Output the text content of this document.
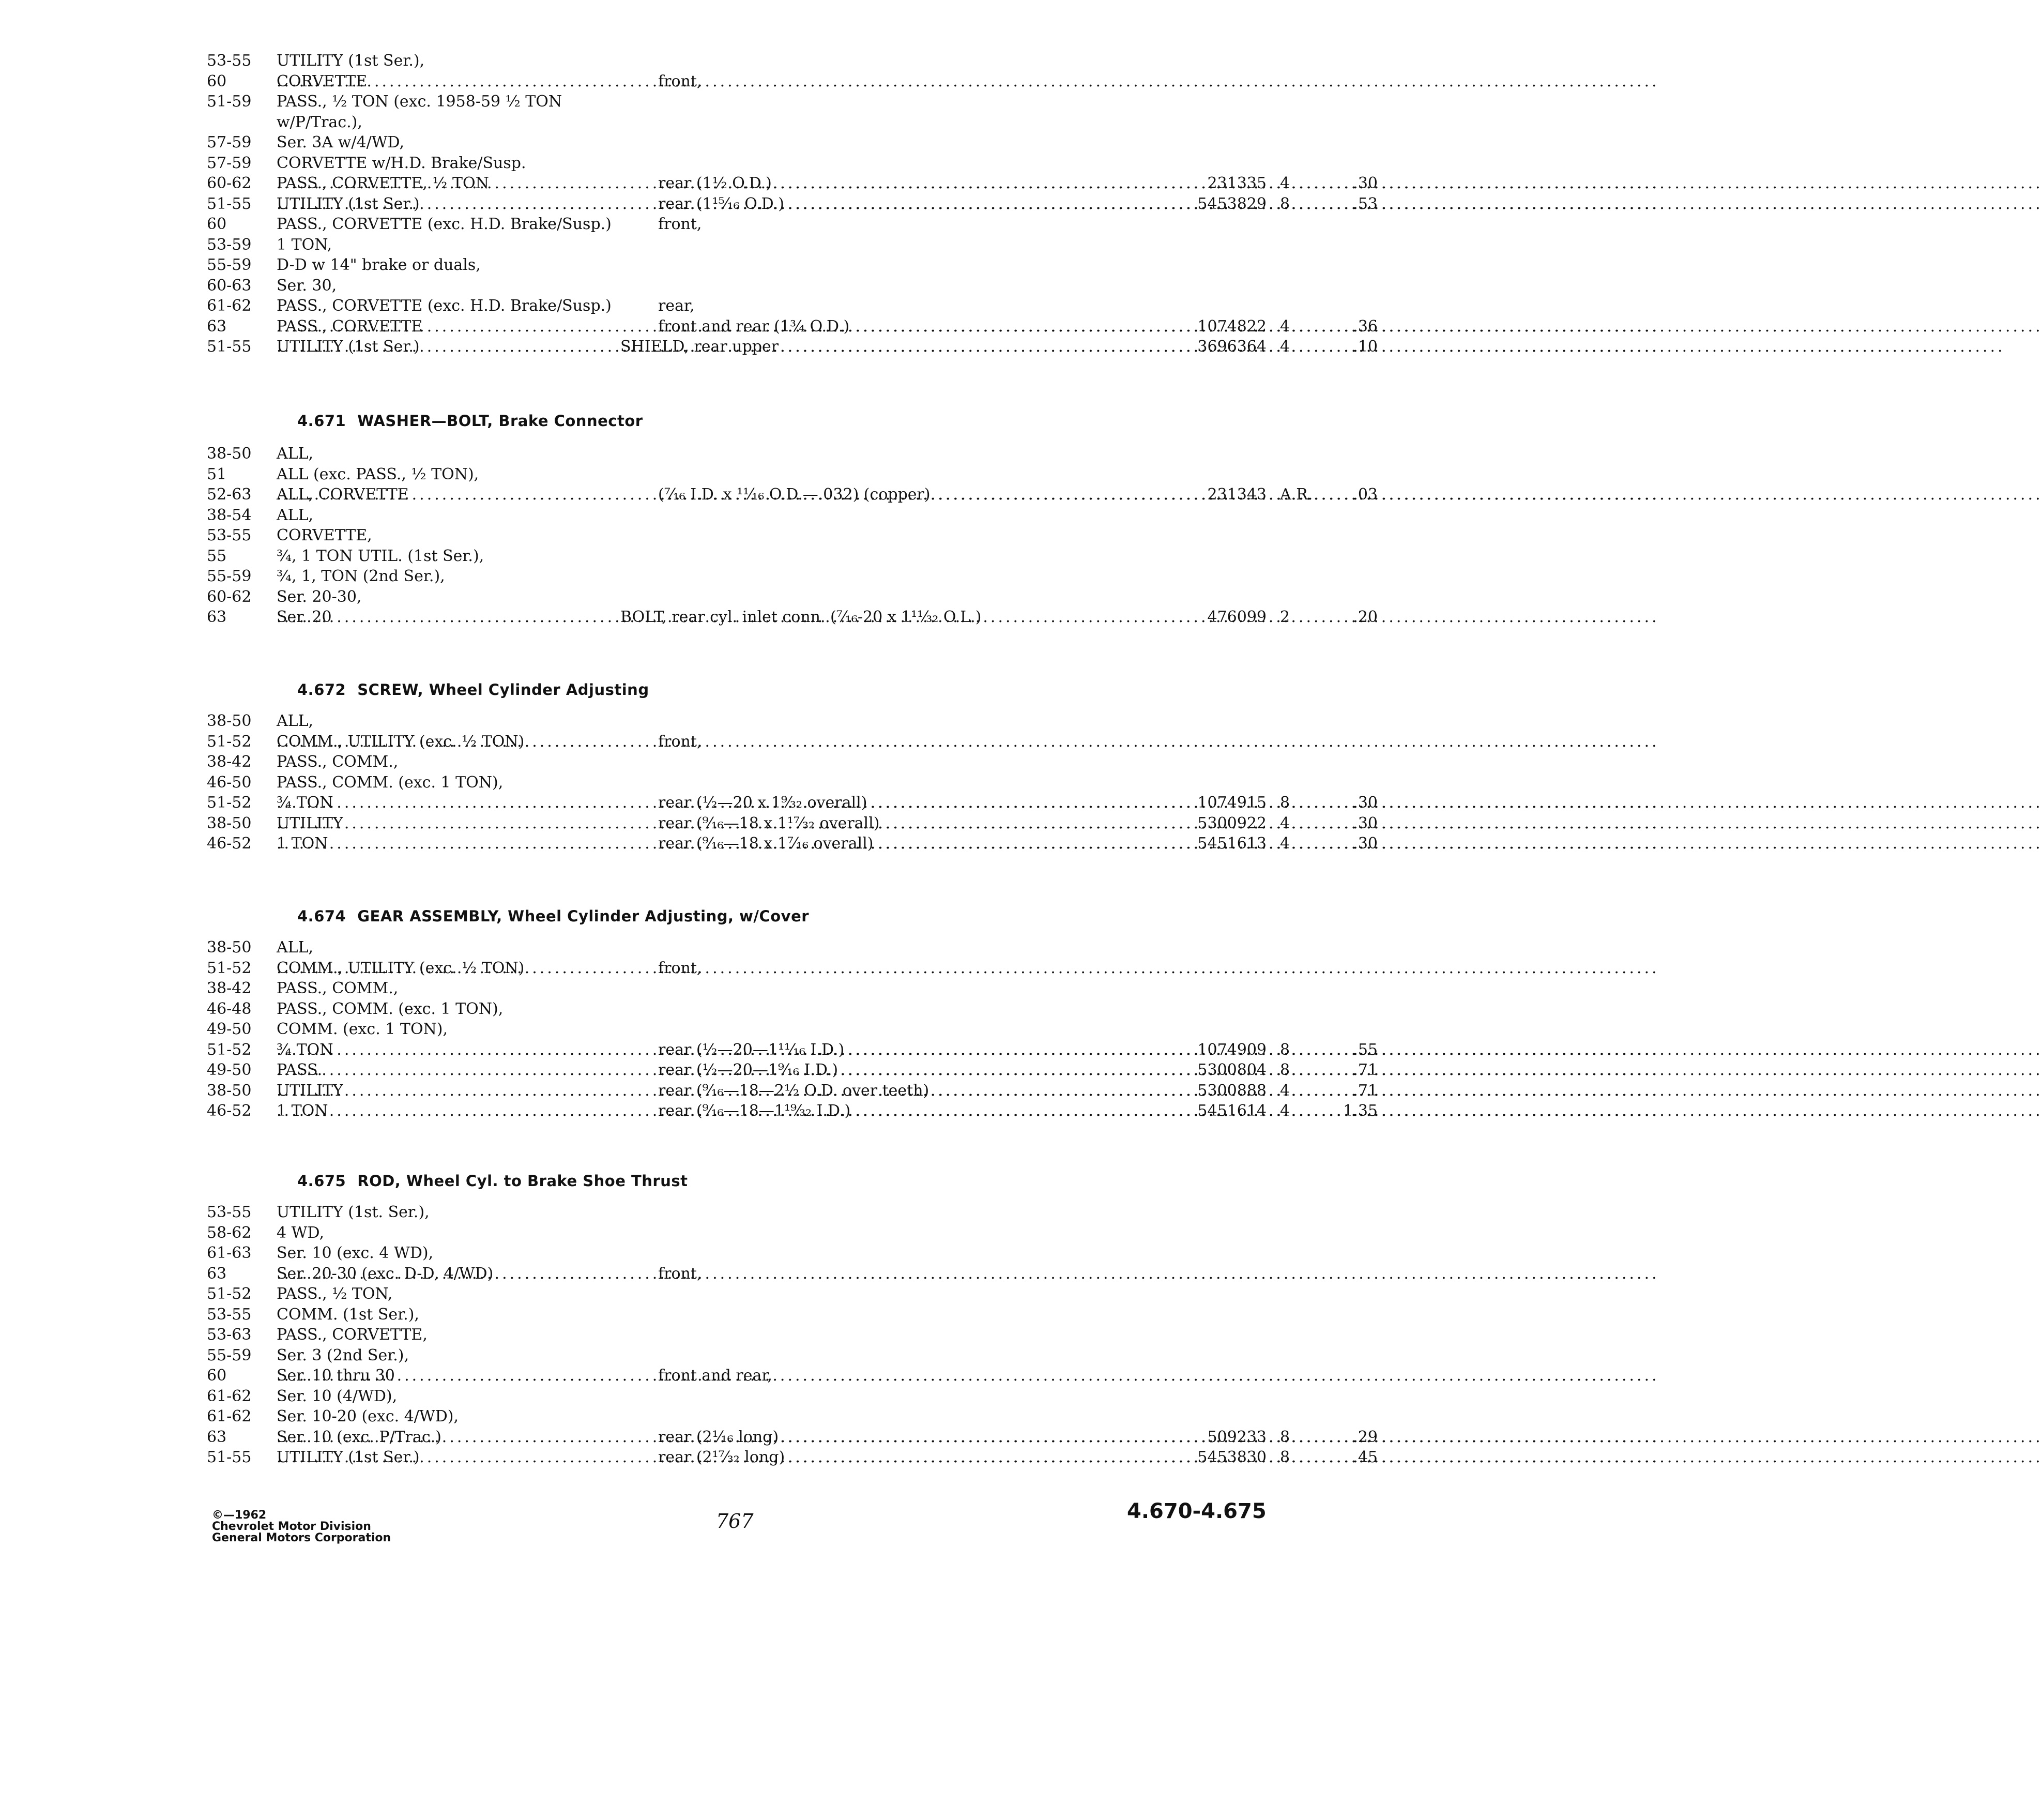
53-55 UTILITY (1st Ser.),
60	CORVETTE .....	front,
51-59 PASS., ½ TON (exc. 1958-59 ½ TON
w/P/Trac.),
57-59 Ser. 3A w/4/WD,
57-59 CORVETTE w/H.D. Brake/Susp.
60-62 PASS., CORVETTE, ½ TON .....	rear (1½ O.D.) .....	231335 4	.30
51-55 UTILITY (1st Ser.) .....	rear (1¹⁵⁄₁₆ O.D.) .....	5453829 8	.53
60	PASS., CORVETTE (exc. H.D. Brake/Susp.)	front,
53-59 1 TON,
55-59 D-D w 14" brake or duals,
60-63 Ser. 30,
61-62 PASS., CORVETTE (exc. H.D. Brake/Susp.)	rear,
63	PASS., CORVETTE .....	front and rear (1¾ O.D.) .....	1074822 4	.36
51-55 UTILITY (1st Ser.) .....	SHIELD, rear upper .....	3696364 4	.10
4.671 WASHER—BOLT, Brake Connector
38-50 ALL,
51	ALL (exc. PASS., ½ TON),
52-63 ALL, CORVETTE .....	(⁷⁄₁₆ I.D. x ¹¹⁄₁₆ O.D.—.032) (copper) .....	231343 A.R.	.03
38-54 ALL,
53-55 CORVETTE,
55	¾, 1 TON UTIL. (1st Ser.),
55-59 ¾, 1, TON (2nd Ser.),
60-62 Ser. 20-30,
63	Ser. 20 .....	BOLT, rear cyl. inlet conn. (⁷⁄₁₆-20 x 1¹¹⁄₃₂ O.L.)	476099 2	.20
4.672 SCREW, Wheel Cylinder Adjusting
38-50 ALL,
51-52 COMM., UTILITY (exc. ½ TON) .....	front,
38-42 PASS., COMM.,
46-50 PASS., COMM. (exc. 1 TON),
51-52 ¾ TON .....	rear (½—20 x 1⁹⁄₃₂ overall) .....	1074915 8	.30
38-50 UTILITY .....	rear (⁹⁄₁₆—18 x 1¹⁷⁄₃₂ overall) .....	5300922 4	.30
46-52 1 TON .....	rear (⁹⁄₁₆—18 x 1⁷⁄₁₆ overall) .....	5451613 4	.30
4.674 GEAR ASSEMBLY, Wheel Cylinder Adjusting, w/Cover
38-50 ALL,
51-52 COMM., UTILITY (exc. ½ TON) .....	front,
38-42 PASS., COMM.,
46-48 PASS., COMM. (exc. 1 TON),
49-50 COMM. (exc. 1 TON),
51-52 ¾ TON .....	rear (½—20—1¹¹⁄₁₆ I.D.) .....	1074909 8	.55
49-50 PASS. .....	rear (½—20—1⁹⁄₁₆ I.D.) .....	5300804 8	.71
38-50 UTILITY .....	rear (⁹⁄₁₆—18—2½ O.D. over teeth) .....	5300888 4	.71
46-52 1 TON .....	rear (⁹⁄₁₆—18—1¹⁹⁄₃₂ I.D.) .....	5451614 4	1.35
4.675 ROD, Wheel Cyl. to Brake Shoe Thrust
53-55 UTILITY (1st. Ser.),
58-62 4 WD,
61-63 Ser. 10 (exc. 4 WD),
63	Ser. 20-30 (exc. D-D, 4/WD) .....	front,
51-52 PASS., ½ TON,
53-55 COMM. (1st Ser.),
53-63 PASS., CORVETTE,
55-59 Ser. 3 (2nd Ser.),
60	Ser. 10 thru 30 .....	front and rear,
61-62 Ser. 10 (4/WD),
61-62 Ser. 10-20 (exc. 4/WD),
63	Ser. 10 (exc. P/Trac.) .....	rear (2¹⁄₁₆ long) .....	509233 8	.29
51-55 UTILITY (1st Ser.) .....	rear (2¹⁷⁄₃₂ long) .....	5453830 8	.45
©—1962
Chevrolet Motor Division
General Motors Corporation
767	4.670-4.675
